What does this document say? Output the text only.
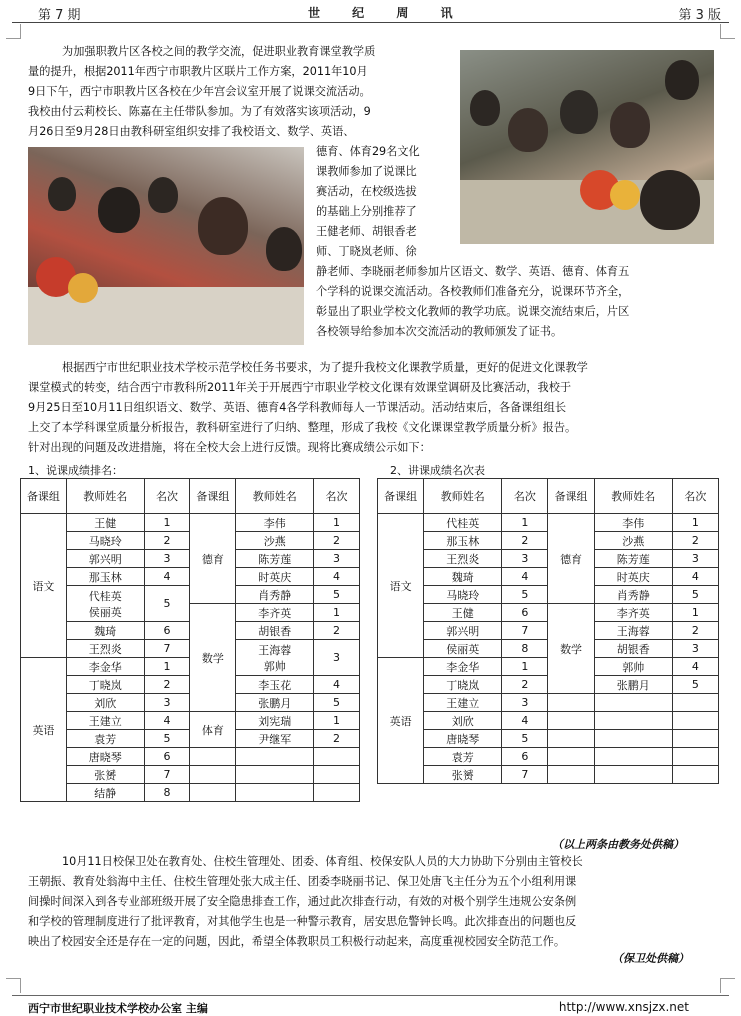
第 7 期	世 纪 周 讯	第 3 版
为加强职教片区各校之间的教学交流，促进职业教育课堂教学质
量的提升，根据2011年西宁市职教片区联片工作方案，2011年10月
9日下午，西宁市职教片区各校在少年宫会议室开展了说课交流活动。
我校由付云莉校长、陈嘉在主任带队参加。为了有效落实该项活动，9
月26日至9月28日由教科研室组织安排了我校语文、数学、英语、
德育、体育29名文化
课教师参加了说课比
赛活动，在校级选拔
的基础上分别推荐了
王健老师、胡银香老
师、丁晓岚老师、徐
静老师、李晓丽老师参加片区语文、数学、英语、德育、体育五
个学科的说课交流活动。各校教师们准备充分，说课环节齐全，
彰显出了职业学校文化教师的教学功底。说课交流结束后，片区
各校领导给参加本次交流活动的教师颁发了证书。
根据西宁市世纪职业技术学校示范学校任务书要求，为了提升我校文化课教学质量，更好的促进文化课教学
课堂模式的转变，结合西宁市教科所2011年关于开展西宁市职业学校文化课有效课堂调研及比赛活动，我校于
9月25日至10月11日组织语文、数学、英语、德育4各学科教师每人一节课活动。活动结束后，各备课组组长
上交了本学科课堂质量分析报告，教科研室进行了归纳、整理，形成了我校《文化课课堂教学质量分析》报告。
针对出现的问题及改进措施，将在全校大会上进行反馈。现将比赛成绩公示如下：
1、说课成绩排名：	2、讲课成绩名次表
备课组	教师姓名	名次	备课组	教师姓名	名次
语文	王健	1	德育	李伟	1
	马晓玲	2		沙燕	2
	郭兴明	3		陈芳莲	3
	那玉林	4		时英庆	4
	代桂英
侯丽英	5		肖秀静	5
			数学	李齐英	1
	魏琦	6		胡银香	2
	王烈炎	7		王海蓉
郭帅	3
英语	李金华	1			
	丁晓岚	2		李玉花	4
	刘欣	3		张鹏月	5
	王建立	4	体育	刘宪瑞	1
	袁芳	5		尹继军	2
	唐晓琴	6			
	张赟	7			
	结静	8			
备课组	教师姓名	名次	备课组	教师姓名	名次
语文	代桂英	1	德育	李伟	1
	那玉林	2		沙燕	2
	王烈炎	3		陈芳莲	3
	魏琦	4		时英庆	4
	马晓玲	5		肖秀静	5
	王健	6	数学	李齐英	1
	郭兴明	7		王海蓉	2
	侯丽英	8		胡银香	3
英语	李金华	1		郭帅	4
	丁晓岚	2		张鹏月	5
	王建立	3			
	刘欣	4			
	唐晓琴	5			
	袁芳	6			
	张赟	7			
（以上两条由教务处供稿）
10月11日校保卫处在教育处、住校生管理处、团委、体育组、校保安队人员的大力协助下分别由主管校长
王朝振、教育处翁海中主任、住校生管理处张大成主任、团委李晓丽书记、保卫处唐飞主任分为五个小组利用课
间操时间深入到各专业部班级开展了安全隐患排查工作，通过此次排查行动，有效的对极个别学生违规公安条例
和学校的管理制度进行了批评教育，对其他学生也是一种警示教育，居安思危警钟长鸣。此次排查出的问题也反
映出了校园安全还是存在一定的问题，因此，希望全体教职员工积极行动起来，高度重视校园安全防范工作。
（保卫处供稿）
西宁市世纪职业技术学校办公室 主编	http://www.xnsjzx.net
